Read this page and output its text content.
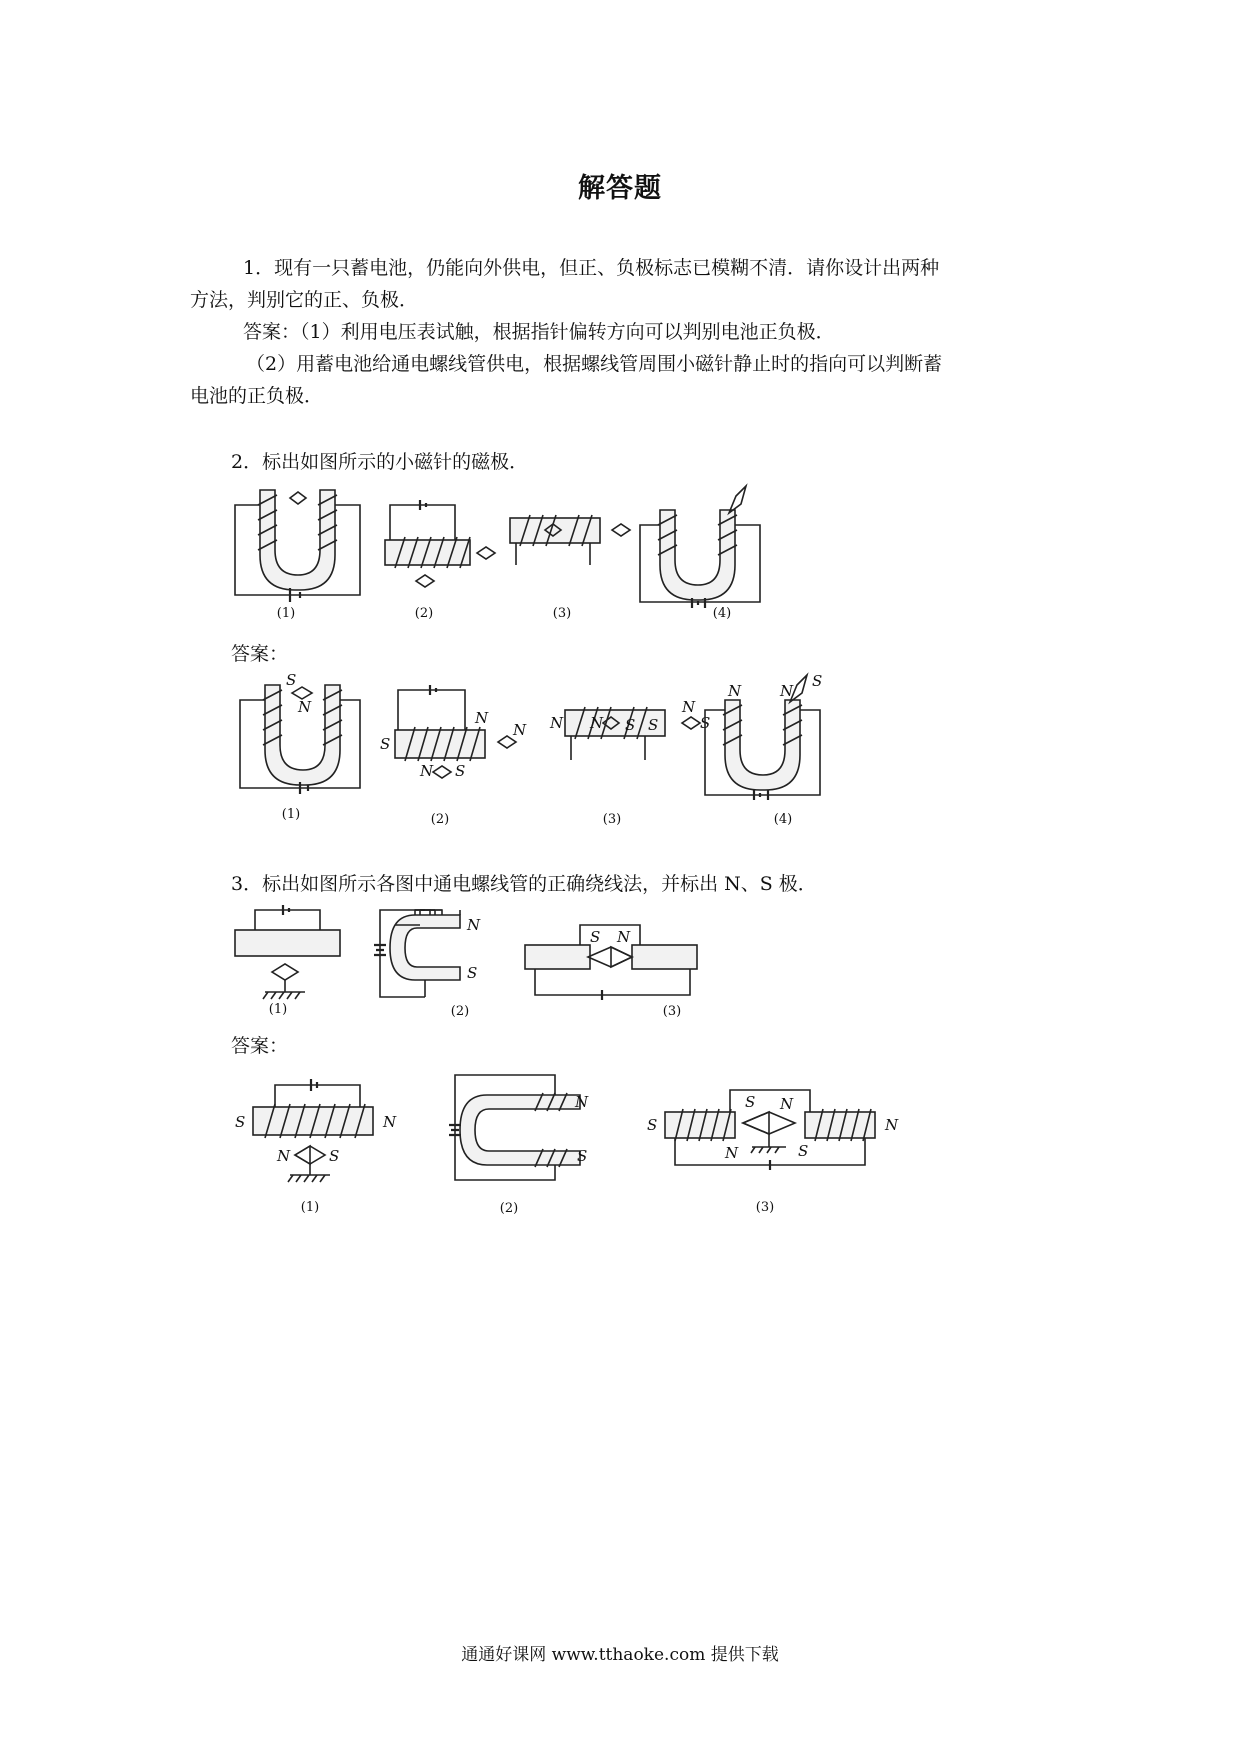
解答题
1．现有一只蓄电池，仍能向外供电，但正、负极标志已模糊不清．请你设计出两种
方法，判别它的正、负极．
答案：（1）利用电压表试触，根据指针偏转方向可以判别电池正负极．
（2）用蓄电池给通电螺线管供电，根据螺线管周围小磁针静止时的指向可以判断蓄
电池的正负极．
2．标出如图所示的小磁针的磁极．
(1)	(2)	(3)	(4)
答案：
S
N
S
N
N
N S
N N S S
N
S
N	N
S
(1)	(2)	(3)	(4)
3．标出如图所示各图中通电螺线管的正确绕线法，并标出 N、S 极．
N
S
S N
(1)	(2)	(3)
答案：
S	N
N	S
N
S
S
N
S N
S
N
(1)	(2)	(3)
通通好课网 www.tthaoke.com 提供下载
